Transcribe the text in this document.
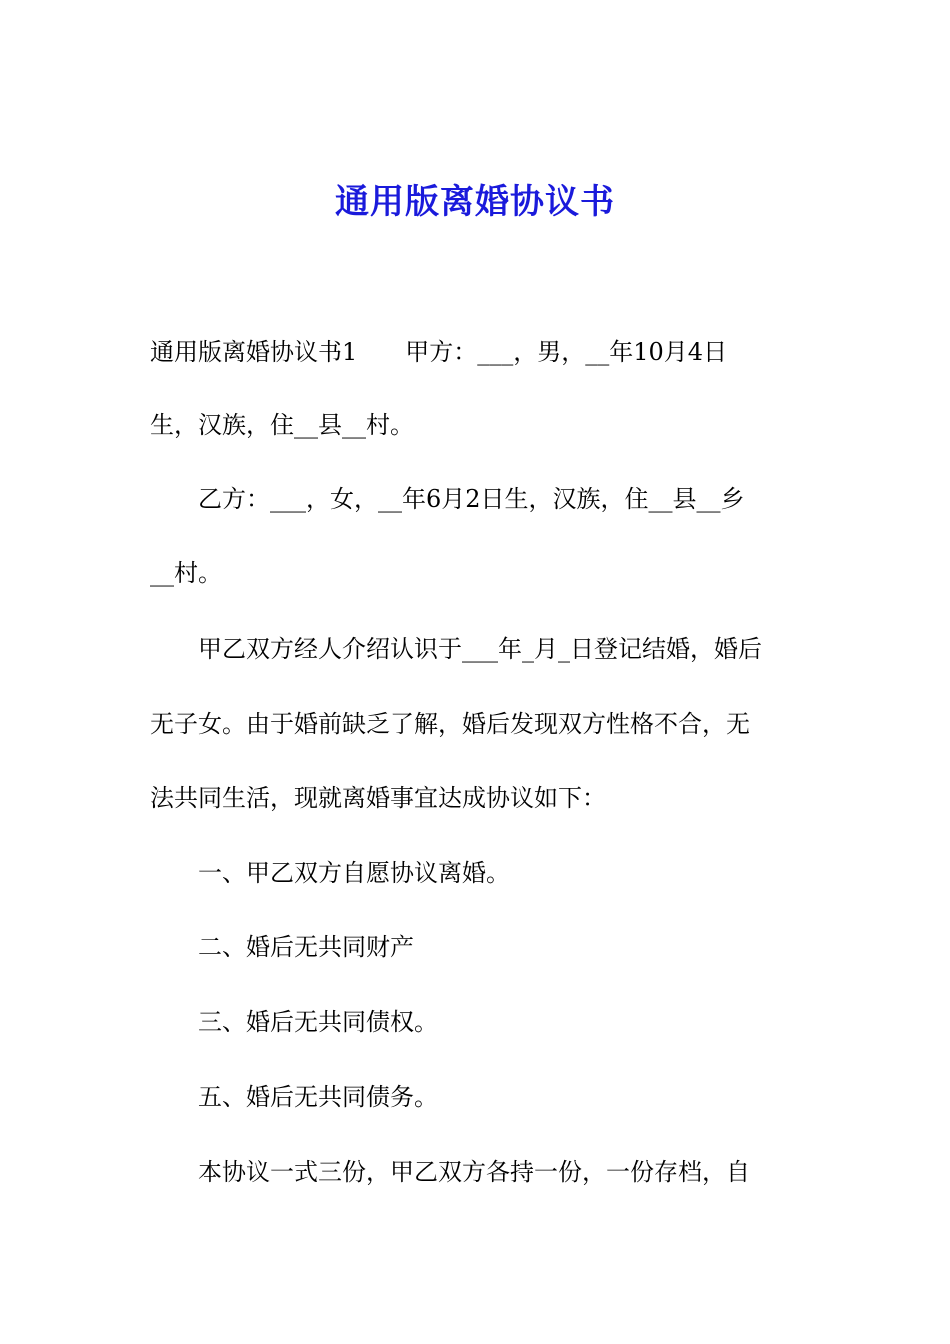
通用版离婚协议书
通用版离婚协议书1　　甲方：___，男，__年10月4日
生，汉族，住__县__村。
　　乙方：___，女，__年6月2日生，汉族，住__县__乡
__村。
　　甲乙双方经人介绍认识于___年_月_日登记结婚，婚后
无子女。由于婚前缺乏了解，婚后发现双方性格不合，无
法共同生活，现就离婚事宜达成协议如下：
　　一、甲乙双方自愿协议离婚。
　　二、婚后无共同财产
　　三、婚后无共同债权。
　　五、婚后无共同债务。
　　本协议一式三份，甲乙双方各持一份，一份存档，自
